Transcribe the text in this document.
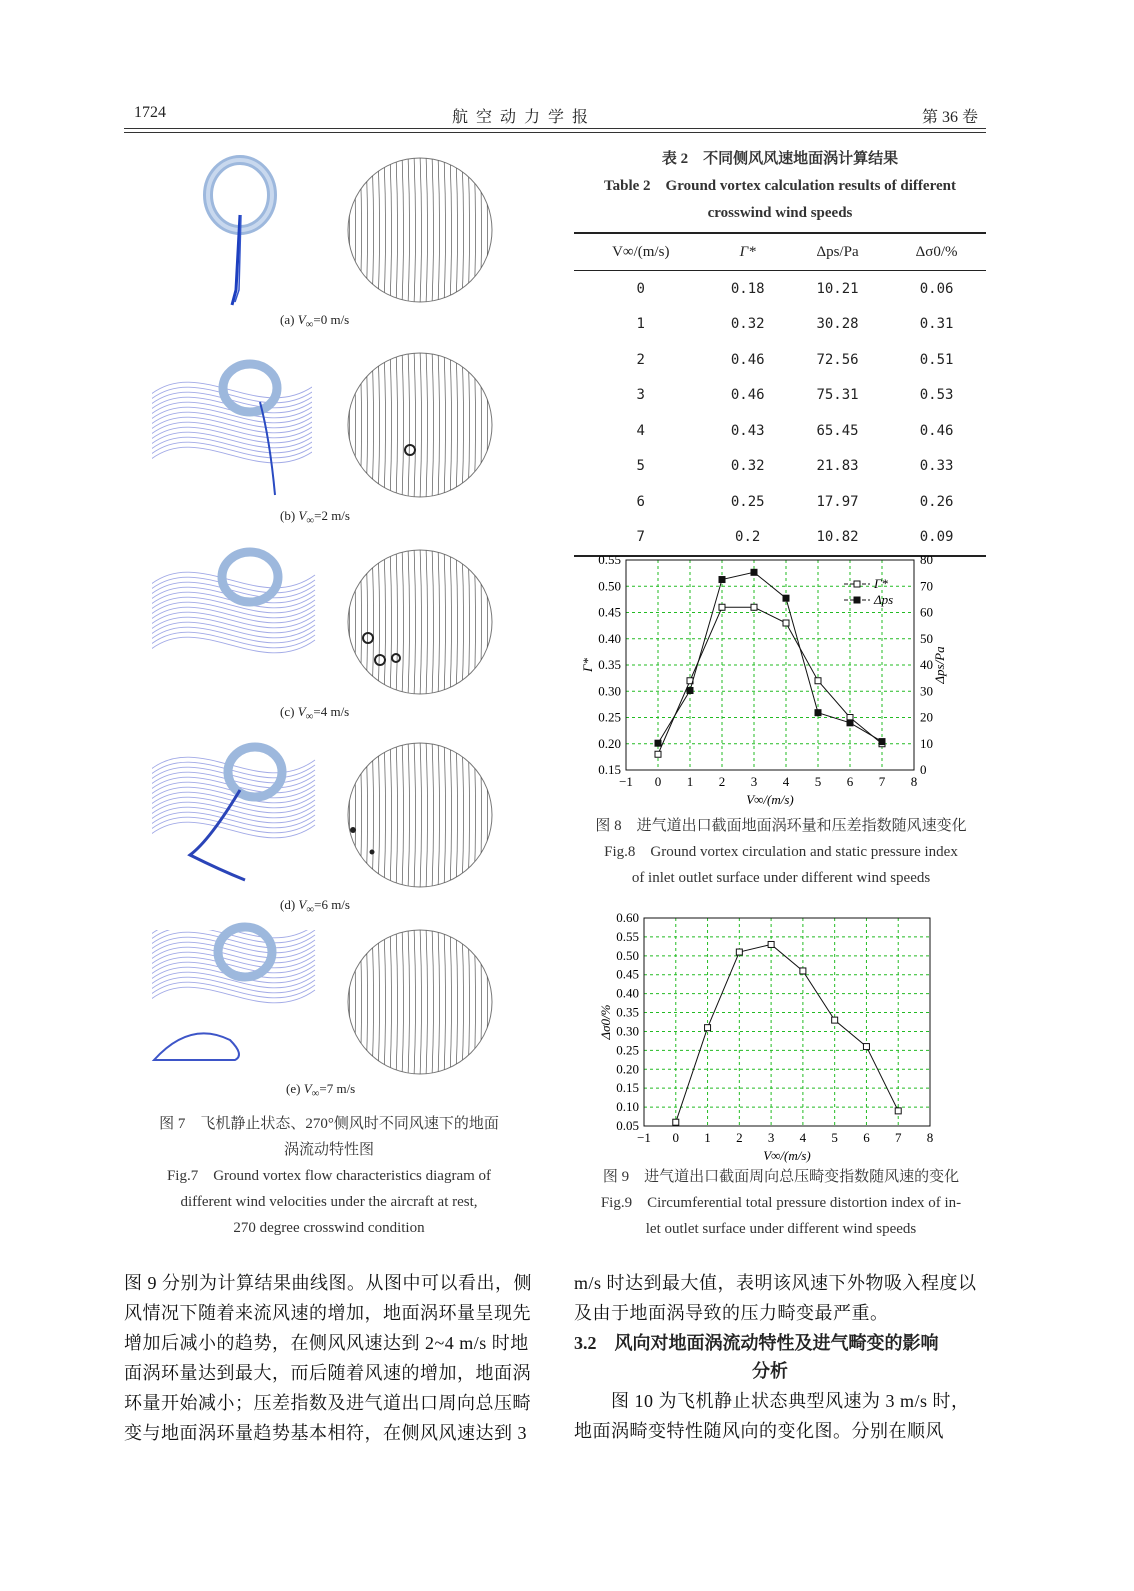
1724	航 空 动 力 学 报	第 36 卷
(a) $V_\infty=0$ m/s
(b) $V_\infty=2$ m/s
(c) $V_\infty=4$ m/s
(d) $V_\infty=6$ m/s
(e) $V_\infty=7$ m/s
图 7　飞机静止状态、270°侧风时不同风速下的地面
涡流动特性图
Fig.7　Ground vortex flow characteristics diagram of
different wind velocities under the aircraft at rest,
270 degree crosswind condition
表 2　不同侧风风速地面涡计算结果
Table 2　Ground vortex calculation results of different
crosswind wind speeds
V∞/(m/s)	Γ*	Δps/Pa	Δσ0/%
0	0.18	10.21	0.06
1	0.32	30.28	0.31
2	0.46	72.56	0.51
3	0.46	75.31	0.53
4	0.43	65.45	0.46
5	0.32	21.83	0.33
6	0.25	17.97	0.26
7	0.2	10.82	0.09
−1 0 1 2 3 4 5 6 7 8
0.55
0.50
0.45
0.40
0.35
0.30
0.25
0.20
0.15
80
70
60
50
40
30
20
10
0
V∞/(m/s)
Γ*	Δps/Pa
Γ*
Δps
图 8　进气道出口截面地面涡环量和压差指数随风速变化
Fig.8　Ground vortex circulation and static pressure index
of inlet outlet surface under different wind speeds
−1 0 1 2 3 4 5 6 7 8
0.60
0.55
0.50
0.45
0.40
0.35
0.30
0.25
0.20
0.15
0.10
0.05
V∞/(m/s)
Δσ0/%
图 9　进气道出口截面周向总压畸变指数随风速的变化
Fig.9　Circumferential total pressure distortion index of in-
let outlet surface under different wind speeds
图 9 分别为计算结果曲线图。从图中可以看出，侧
风情况下随着来流风速的增加，地面涡环量呈现先
增加后减小的趋势，在侧风风速达到 2~4 m/s 时地
面涡环量达到最大，而后随着风速的增加，地面涡
环量开始减小；压差指数及进气道出口周向总压畸
变与地面涡环量趋势基本相符，在侧风风速达到 3
m/s 时达到最大值，表明该风速下外物吸入程度以
及由于地面涡导致的压力畸变最严重。
3.2　风向对地面涡流动特性及进气畸变的影响
分析
　　图 10 为飞机静止状态典型风速为 3 m/s 时，
地面涡畸变特性随风向的变化图。分别在顺风
